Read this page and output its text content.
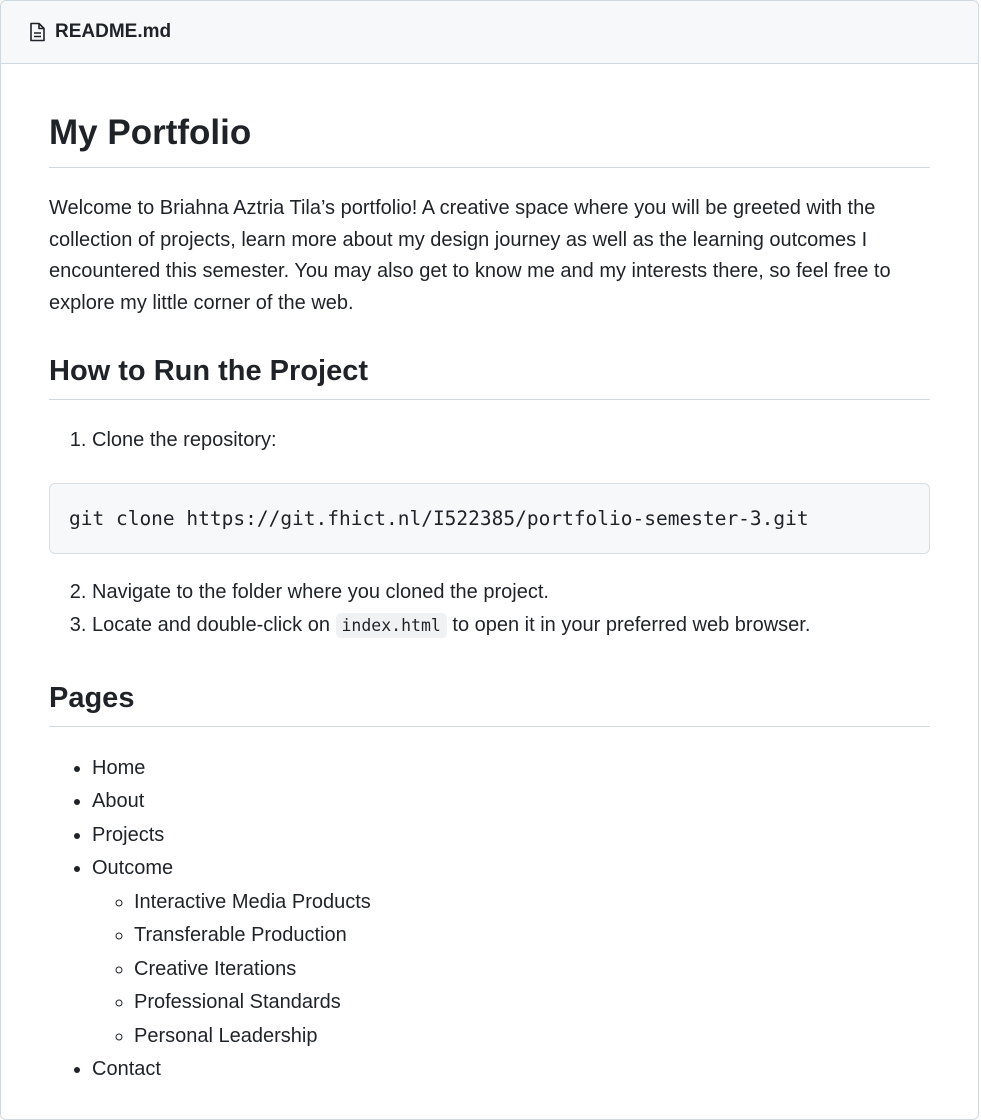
README.md
My Portfolio

Welcome to Briahna Aztria Tila’s portfolio! A creative space where you will be greeted with the collection of projects, learn more about my design journey as well as the learning outcomes I encountered this semester. You may also get to know me and my interests there, so feel free to explore my little corner of the web.

How to Run the Project
1. Clone the repository:
git clone https://git.fhict.nl/I522385/portfolio-semester-3.git
2. Navigate to the folder where you cloned the project.
3. Locate and double-click on index.html to open it in your preferred web browser.
Pages
• Home
• About
• Projects
• Outcome
◦ Interactive Media Products
◦ Transferable Production
◦ Creative Iterations
◦ Professional Standards
◦ Personal Leadership
• Contact
